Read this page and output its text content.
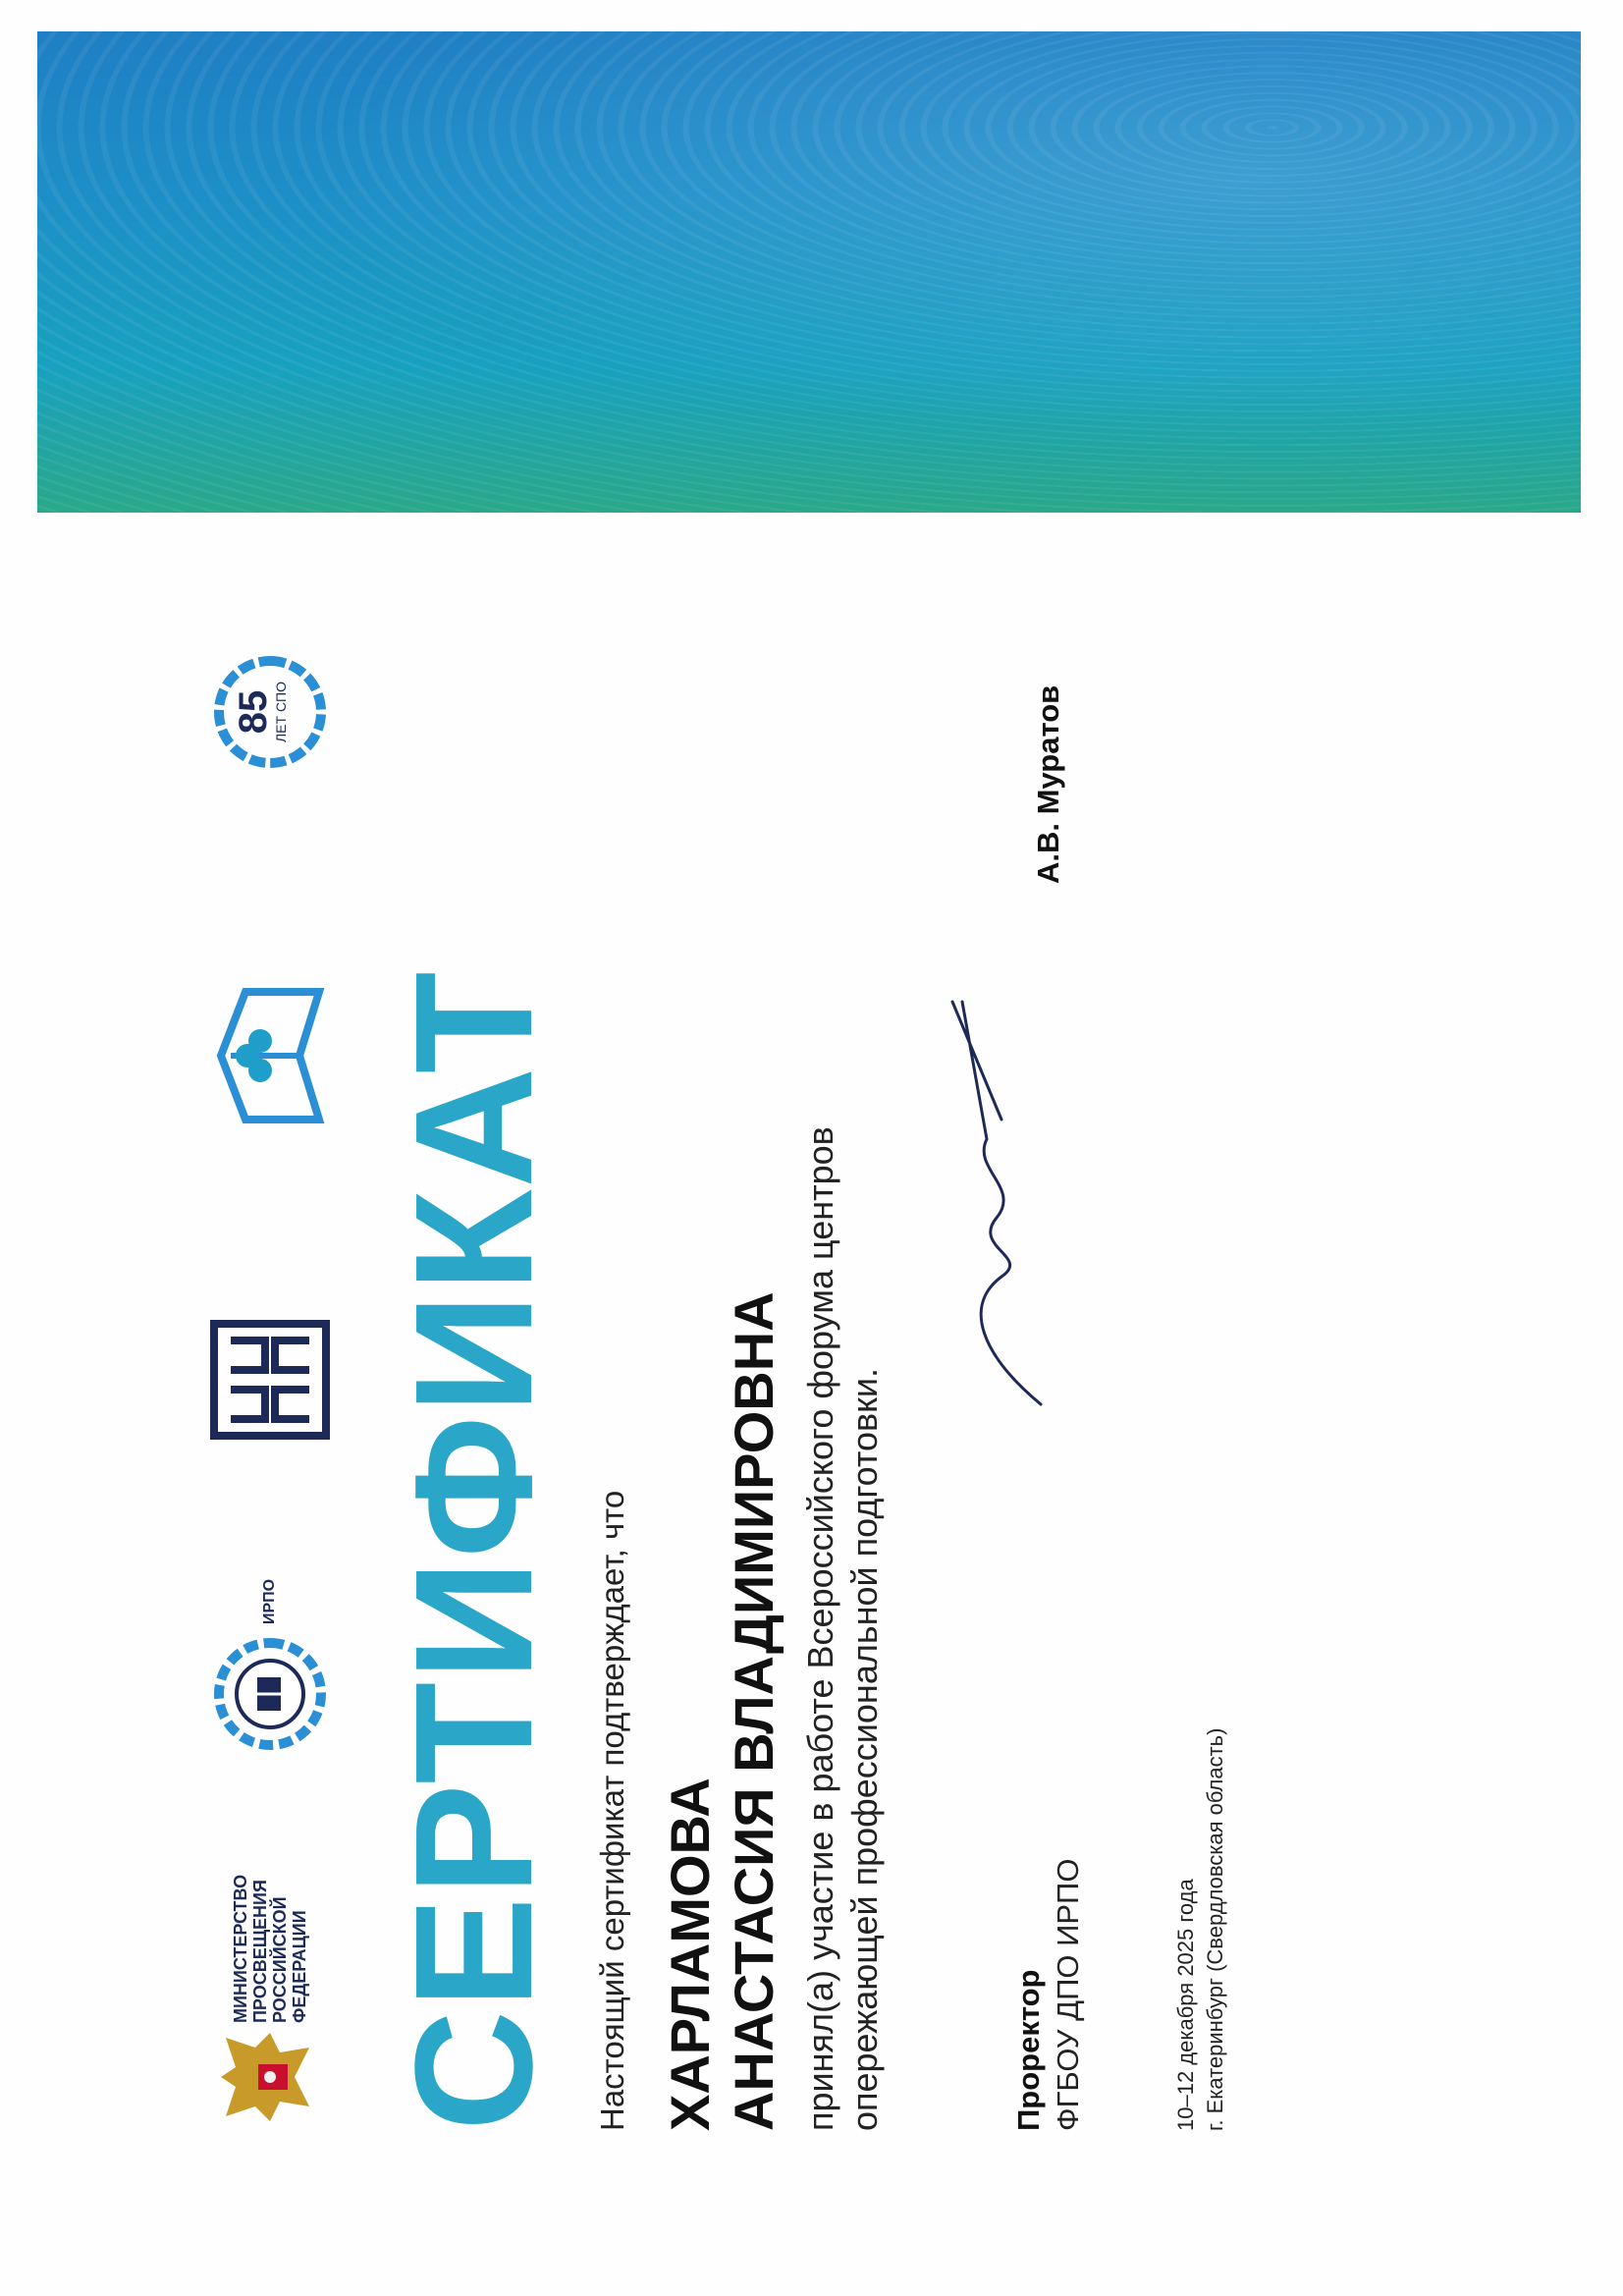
МИНИСТЕРСТВО ПРОСВЕЩЕНИЯ РОССИЙСКОЙ ФЕДЕРАЦИИ
ИРПО
85
ЛЕТ СПО
СЕРТИФИКАТ Настоящий сертификат подтверждает, что ХАРЛАМОВА АНАСТАСИЯ ВЛАДИМИРОВНА принял(а) участие в работе Всероссийского форума центров опережающей профессиональной подготовки.	Проректор ФГБОУ ДПО ИРПО

А.В. Муратов

10–12 декабря 2025 года г. Екатеринбург (Свердловская область)
